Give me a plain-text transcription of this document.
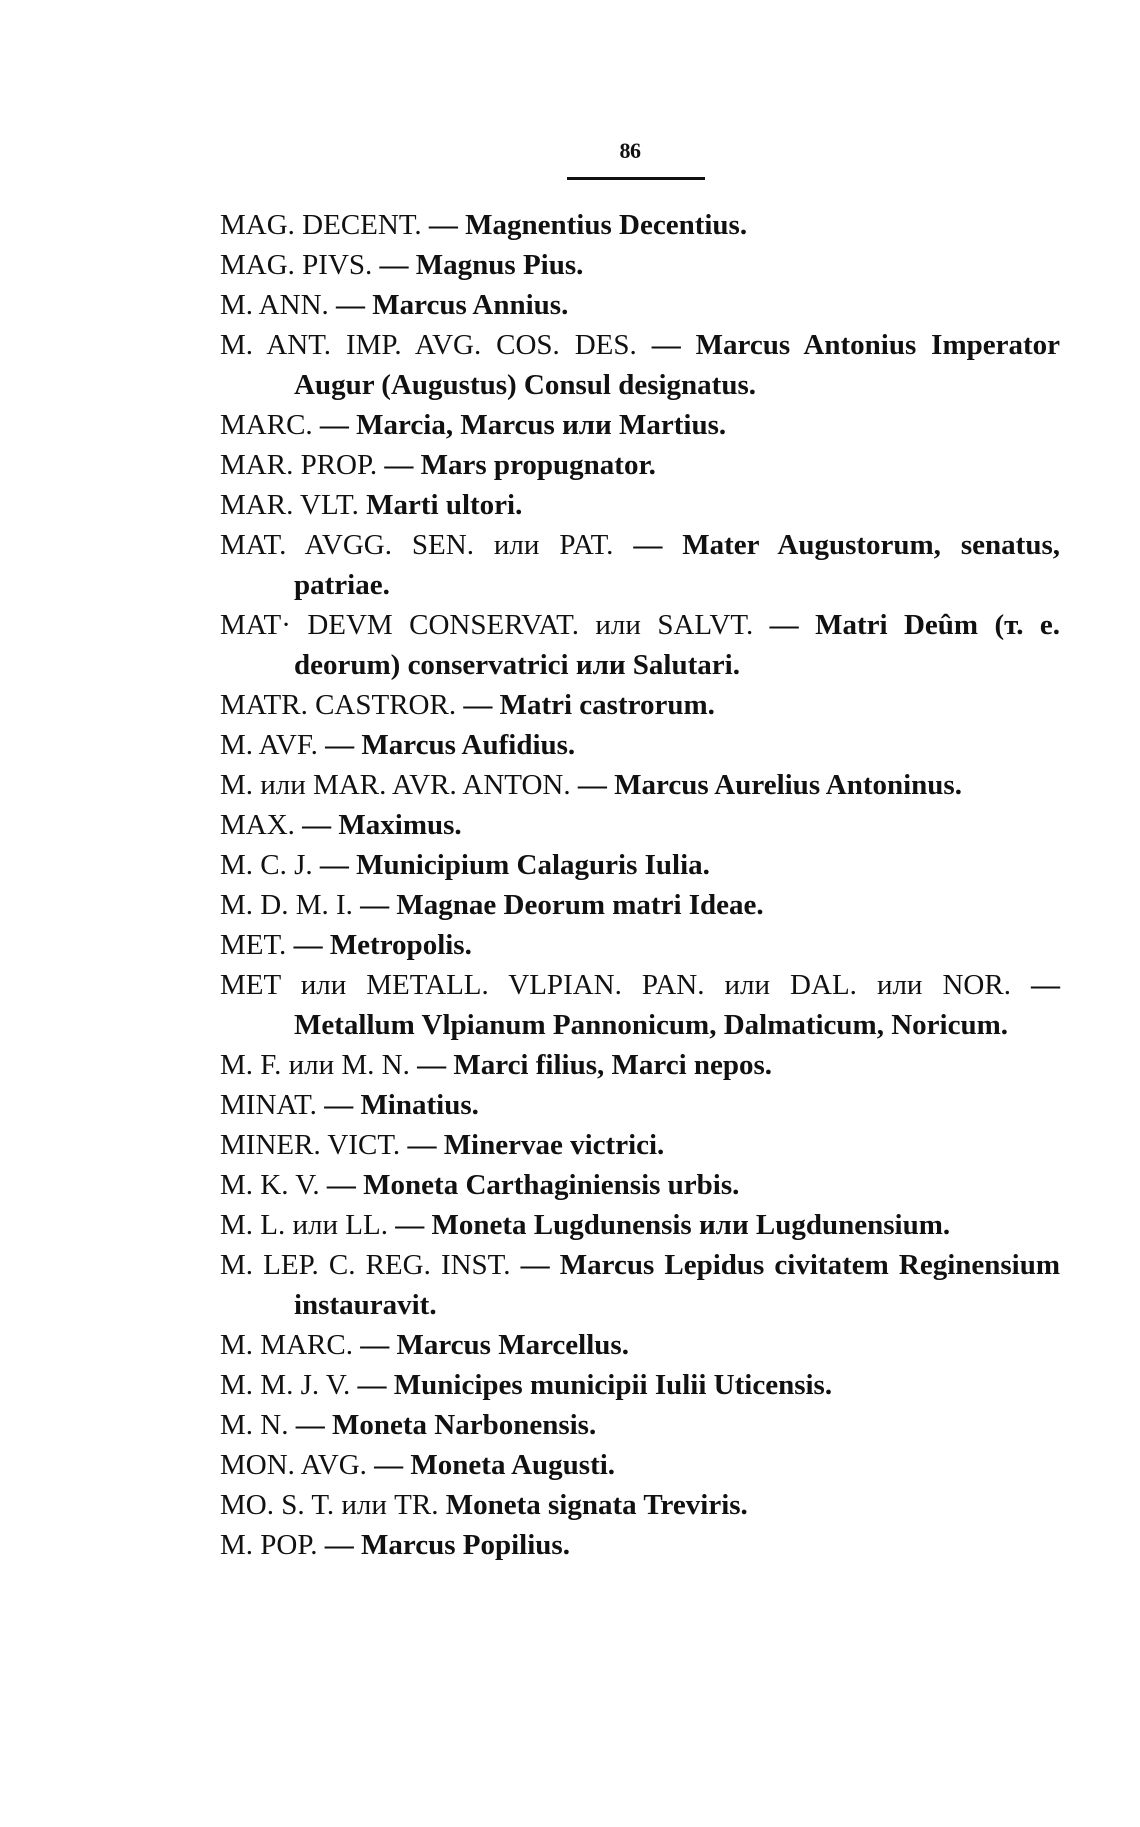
86

MAG. DECENT. — Magnentius Decentius.

MAG. PIVS. — Magnus Pius.

M. ANN. — Marcus Annius.

M. ANT. IMP. AVG. COS. DES. — Marcus Antonius Imperator Augur (Augustus) Consul designatus.

MARC. — Marcia, Marcus или Martius.

MAR. PROP. — Mars propugnator.

MAR. VLT. Marti ultori.

MAT. AVGG. SEN. или PAT. — Mater Augustorum, senatus, patriae.

MAT· DEVM CONSERVAT. или SALVT. — Matri Deûm (т. e. deorum) conservatrici или Salutari.

MATR. CASTROR. — Matri castrorum.

M. AVF. — Marcus Aufidius.

M. или MAR. AVR. ANTON. — Marcus Aurelius Antoninus.

MAX. — Maximus.

M. C. J. — Municipium Calaguris Iulia.

M. D. M. I. — Magnae Deorum matri Ideae.

MET. — Metropolis.

MET или METALL. VLPIAN. PAN. или DAL. или NOR. —Metallum Vlpianum Pannonicum, Dalmaticum, Noricum.

M. F. или M. N. — Marci filius, Marci nepos.

MINAT. — Minatius.

MINER. VICT. — Minervae victrici.

M. K. V. — Moneta Carthaginiensis urbis.

M. L. или LL. — Moneta Lugdunensis или Lugdunensium.

M. LEP. C. REG. INST. — Marcus Lepidus civitatem Reginensium instauravit.

M. MARC. — Marcus Marcellus.

M. M. J. V. — Municipes municipii Iulii Uticensis.

M. N. — Moneta Narbonensis.

MON. AVG. — Moneta Augusti.

MO. S. T. или TR. Moneta signata Treviris.

M. POP. — Marcus Popilius.
